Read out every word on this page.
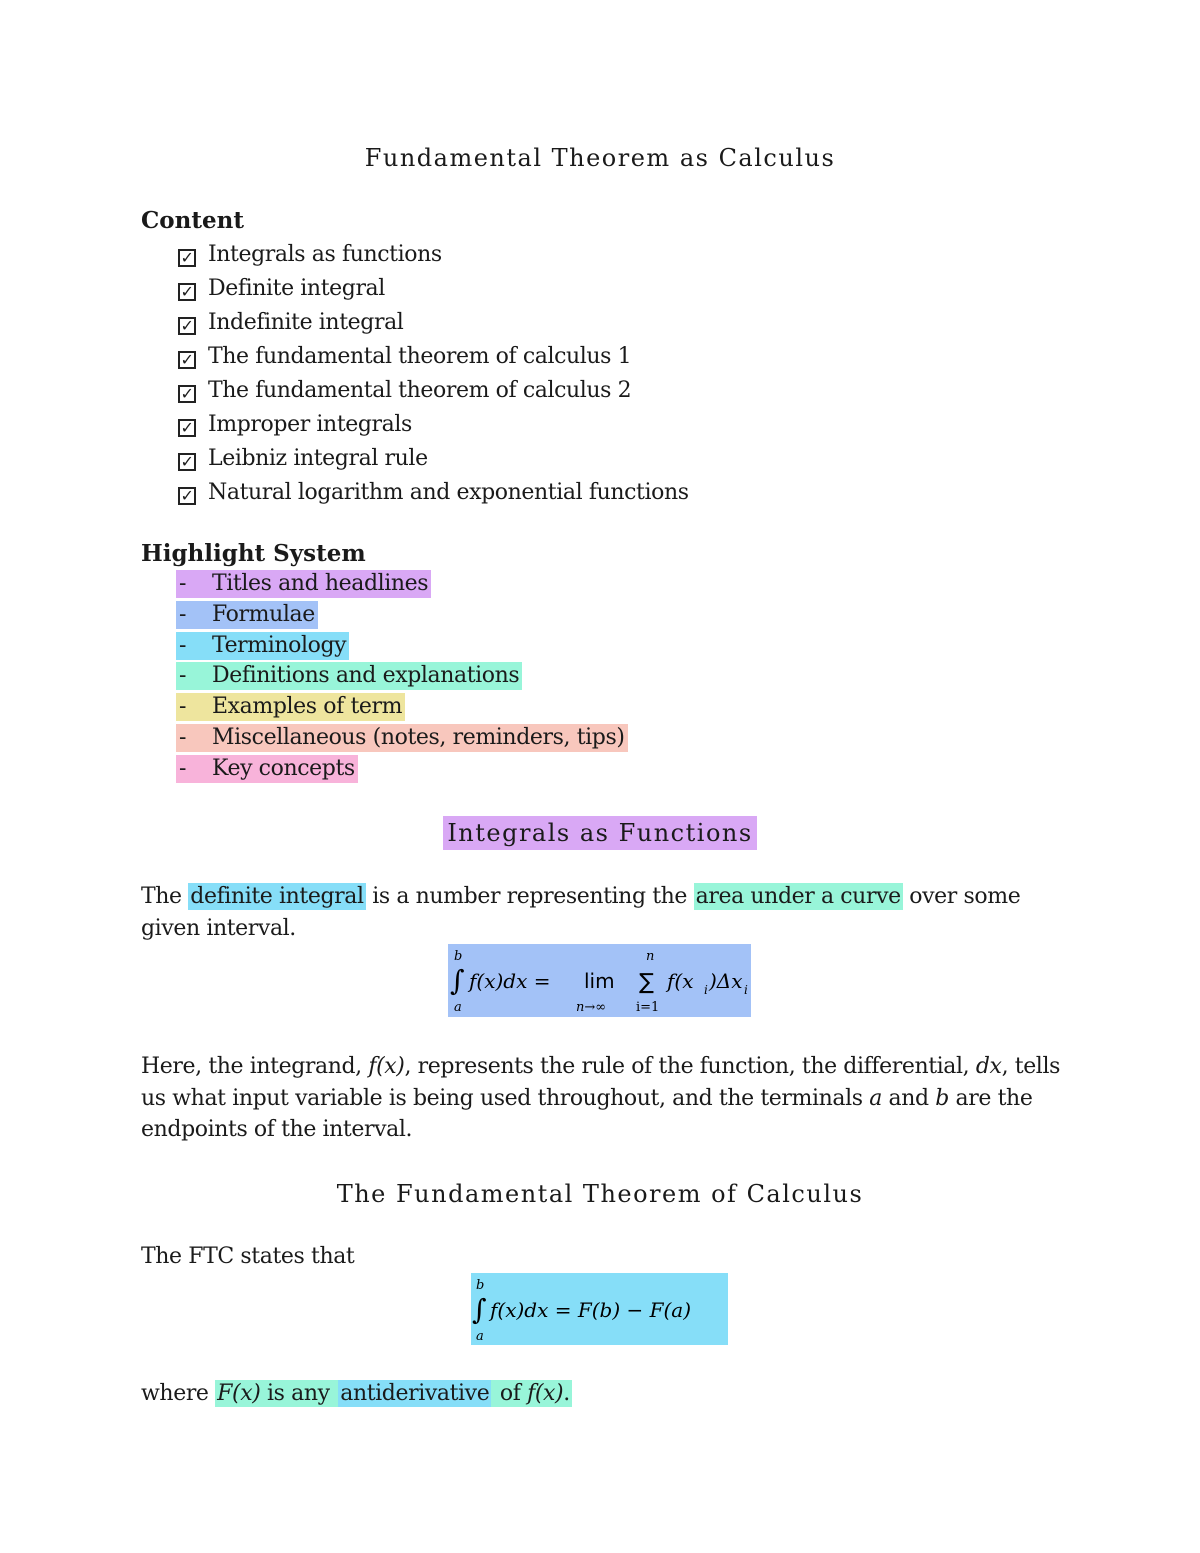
Fundamental Theorem as Calculus
Content
✓ Integrals as functions
✓ Definite integral
✓ Indefinite integral
✓ The fundamental theorem of calculus 1
✓ The fundamental theorem of calculus 2
✓ Improper integrals
✓ Leibniz integral rule
✓ Natural logarithm and exponential functions
Highlight System
- Titles and headlines
- Formulae
- Terminology
- Definitions and explanations
- Examples of term
- Miscellaneous (notes, reminders, tips)
- Key concepts
Integrals as Functions
The definite integral is a number representing the area under a curve over some given interval.
b
∫
a
f(x)dx = lim
n→∞
n
∑
i=1
f(x i )Δx i
Here, the integrand, f(x), represents the rule of the function, the differential, dx, tells us what input variable is being used throughout, and the terminals a and b are the endpoints of the interval.
The Fundamental Theorem of Calculus
The FTC states that
b
∫
a
f(x)dx = F(b) − F(a)
where F(x) is any antiderivative of f(x).
